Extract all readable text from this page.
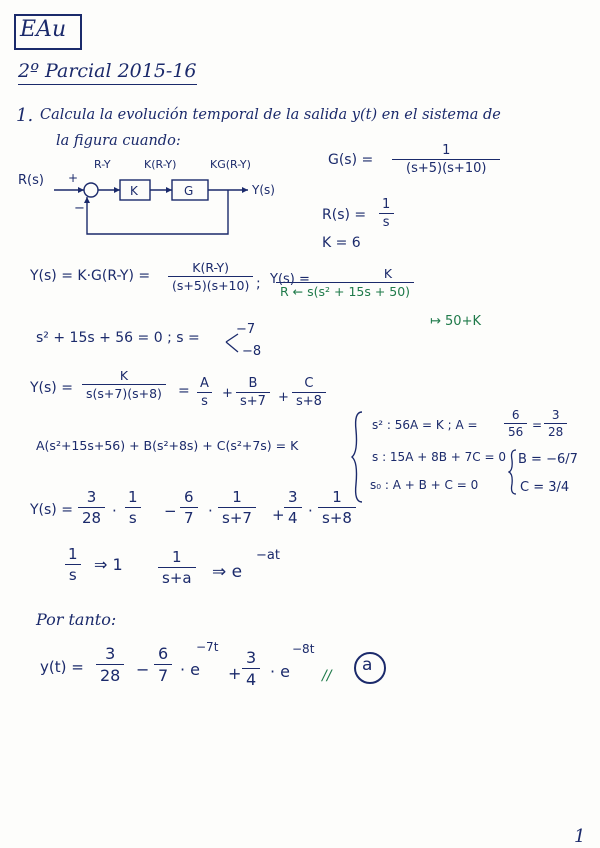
EAu
2º Parcial 2015-16
1. Calcula la evolución temporal de la salida y(t) en el sistema de
la figura cuando:
R(s) +
R-Y
K
K(R-Y)
G
KG(R-Y)
Y(s)
−
$G(s) = \frac{1}{(s+5)(s+10)}$
$R(s) = \frac{1}{s}$
K = 6
$Y(s) = K\cdot G(R-Y) = \frac{K(R-Y)}{(s+5)(s+10)}$ ; Y(s) =
$\frac{K}{\text{R ← s(s² + 15s + 50)}}$
↦ 50+K
s² + 15s + 56 = 0 ; s =
−7
−8
$Y(s) = \frac{K}{s(s+7)(s+8)} = \frac{A}{s} + \frac{B}{s+7} + \frac{C}{s+8}$
A(s²+15s+56) + B(s²+8s) + C(s²+7s) = K
s² : 56A = K ; $A = \frac{6}{56} = \frac{3}{28}$
s : 15A + 8B + 7C = 0
s₀ : A + B + C = 0
B = −6/7
C = 3/4
$Y(s) = \frac{3}{28} \cdot \frac{1}{s} - \frac{6}{7} \cdot \frac{1}{s+7} + \frac{3}{4} \cdot \frac{1}{s+8}$
$\frac{1}{s}$ ⇒ $1 \frac{1}{s+a}$ ⇒ e
−at
Por tanto:
$y(t) = \frac{3}{28} - \frac{6}{7} \cdot e$
−7t
+ $\frac{3}{4} \cdot e$
−8t
//
a
1
